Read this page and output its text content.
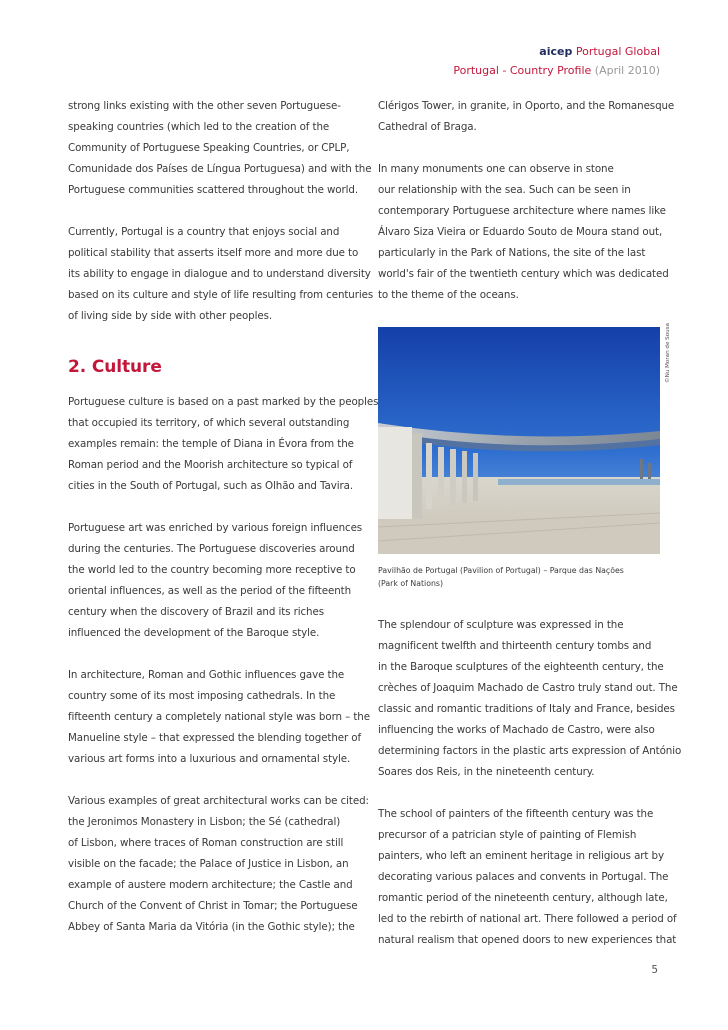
aicep Portugal Global
Portugal - Country Profile (April 2010)
strong links existing with the other seven Portuguese-
speaking countries (which led to the creation of the
Community of Portuguese Speaking Countries, or CPLP,
Comunidade dos Países de Língua Portuguesa) and with the
Portuguese communities scattered throughout the world.
Currently, Portugal is a country that enjoys social and
political stability that asserts itself more and more due to
its ability to engage in dialogue and to understand diversity
based on its culture and style of life resulting from centuries
of living side by side with other peoples.
2. Culture
Portuguese culture is based on a past marked by the peoples
that occupied its territory, of which several outstanding
examples remain: the temple of Diana in Évora from the
Roman period and the Moorish architecture so typical of
cities in the South of Portugal, such as Olhão and Tavira.
Portuguese art was enriched by various foreign influences
during the centuries. The Portuguese discoveries around
the world led to the country becoming more receptive to
oriental influences, as well as the period of the fifteenth
century when the discovery of Brazil and its riches
influenced the development of the Baroque style.
In architecture, Roman and Gothic influences gave the
country some of its most imposing cathedrals. In the
fifteenth century a completely national style was born – the
Manueline style – that expressed the blending together of
various art forms into a luxurious and ornamental style.
Various examples of great architectural works can be cited:
the Jeronimos Monastery in Lisbon; the Sé (cathedral)
of Lisbon, where traces of Roman construction are still
visible on the facade; the Palace of Justice in Lisbon, an
example of austere modern architecture; the Castle and
Church of the Convent of Christ in Tomar; the Portuguese
Abbey of Santa Maria da Vitória (in the Gothic style); the
Clérigos Tower, in granite, in Oporto, and the Romanesque
Cathedral of Braga.
In many monuments one can observe in stone
our relationship with the sea. Such can be seen in
contemporary Portuguese architecture where names like
Álvaro Siza Vieira or Eduardo Souto de Moura stand out,
particularly in the Park of Nations, the site of the last
world's fair of the twentieth century which was dedicated
to the theme of the oceans.
©Nu Moran de Sousa
Pavilhão de Portugal (Pavilion of Portugal) – Parque das Nações
(Park of Nations)
The splendour of sculpture was expressed in the
magnificent twelfth and thirteenth century tombs and
in the Baroque sculptures of the eighteenth century, the
crèches of Joaquim Machado de Castro truly stand out. The
classic and romantic traditions of Italy and France, besides
influencing the works of Machado de Castro, were also
determining factors in the plastic arts expression of António
Soares dos Reis, in the nineteenth century.
The school of painters of the fifteenth century was the
precursor of a patrician style of painting of Flemish
painters, who left an eminent heritage in religious art by
decorating various palaces and convents in Portugal. The
romantic period of the nineteenth century, although late,
led to the rebirth of national art. There followed a period of
natural realism that opened doors to new experiences that
5
